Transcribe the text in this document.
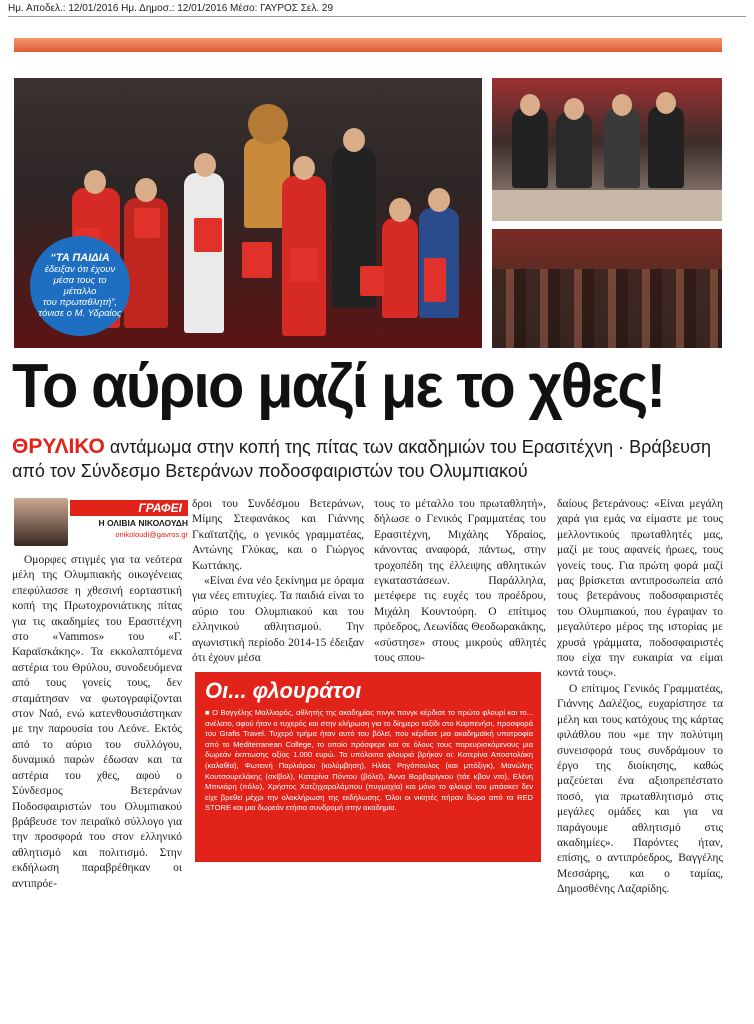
Ημ. Αποδελ.: 12/01/2016 Ημ. Δημοσ.: 12/01/2016 Μέσο: ΓΑΥΡΟΣ Σελ. 29
“ΤΑ ΠΑΙΔΙΑ
έδειξαν ότι έχουν
μέσα τους το μέταλλο
του πρωταθλητή”,
τόνισε ο Μ. Υδραίος
Το αύριο μαζί με το χθες!
ΘΡΥΛΙΚΟ αντάμωμα στην κοπή της πίτας των ακαδημιών του Ερασιτέχνη · Βράβευση από τον Σύνδεσμο Βετεράνων ποδοσφαιριστών του Ολυμπιακού
ΓΡΑΦΕΙ
Η ΟΛΙΒΙΑ ΝΙΚΟΛΟΥΔΗ
onikoloudi@gavros.gr

Ομορφες στιγμές για τα νεότερα μέλη της Ολυμπιακής οικογένειας επεφύλασσε η χθεσινή εορταστική κοπή της Πρωτοχρονιάτικης πίτας για τις ακαδημίες του Ερασιτέχνη στο «Vammos» του «Γ. Καραϊσκάκης». Τα εκκολαπτόμενα αστέρια του Θρύλου, συνοδευόμενα από τους γονείς τους, δεν σταμάτησαν να φωτογραφίζονται στον Ναό, ενώ κατενθουσιάστηκαν με την παρουσία του Λεόνε. Εκτός από το αύριο του συλλόγου, δυναμικό παρών έδωσαν και τα αστέρια του χθες, αφού ο Σύνδεσμος Βετεράνων Ποδοσφαιριστών του Ολυμπιακού βράβευσε τον πειραϊκό σύλλογο για την προσφορά του στον ελληνικό αθλητισμό και πολιτισμό. Στην εκδήλωση παραβρέθηκαν οι αντιπρόε-

δροι του Συνδέσμου Βετεράνων, Μίμης Στεφανάκος και Γιάννης Γκαϊτατζής, ο γενικός γραμματέας, Αντώνης Γλύκας, και ο Γιώργος Κωττάκης.

«Είναι ένα νέο ξεκίνημα με όραμα για νέες επιτυχίες. Τα παιδιά είναι το αύριο του Ολυμπιακού και του ελληνικού αθλητισμού. Την αγωνιστική περίοδο 2014-15 έδειξαν ότι έχουν μέσα

τους το μέταλλο του πρωταθλητή», δήλωσε ο Γενικός Γραμματέας του Ερασιτέχνη, Μιχάλης Υδραίος, κάνοντας αναφορά, πάντως, στην τροχοπέδη της έλλειψης αθλητικών εγκαταστάσεων. Παράλληλα, μετέφερε τις ευχές του προέδρου, Μιχάλη Κουντούρη. Ο επίτιμος πρόεδρος, Λεωνίδας Θεοδωρακάκης, «σύστησε» στους μικρούς αθλητές τους σπου-

δαίους βετεράνους: «Είναι μεγάλη χαρά για εμάς να είμαστε με τους μελλοντικούς πρωταθλητές μας, μαζί με τους αφανείς ήρωες, τους γονείς τους. Για πρώτη φορά μαζί μας βρίσκεται αντιπροσωπεία από τους βετεράνους ποδοσφαιριστές του Ολυμπιακού, που έγραψαν το μεγαλύτερο μέρος της ιστορίας με χρυσά γράμματα, ποδοσφαιριστές που είχα την ευκαιρία να είμαι κοντά τους».

Ο επίτιμος Γενικός Γραμματέας, Γιάννης Δαλέζιος, ευχαρίστησε τα μέλη και τους κατόχους της κάρτας φιλάθλου που «με την πολύτιμη συνεισφορά τους συνδράμουν το έργο της διοίκησης, καθώς μαζεύεται ένα αξιοπρεπέστατο ποσό, για πρωταθλητισμό στις μεγάλες ομάδες και για να παράγουμε αθλητισμό στις ακαδημίες». Παρόντες ήταν, επίσης, ο αντιπρόεδρος, Βαγγέλης Μεσσάρης, και ο ταμίας, Δημοσθένης Λαζαρίδης.

Οι... φλουράτοι
■ Ο Βαγγέλης Μαλλιαρός, αθλητής της ακαδημίας πινγκ πονγκ κέρδισε το πρώτο φλουρί και το... ανέλατο, αφού ήταν ο τυχερός και στην κλήρωση για το δίημερο ταξίδι στο Καρπενήσι, προσφορά του Grafis Travel. Τυχερό τμήμα ήταν αυτό του βόλεϊ, που κέρδισε μια ακαδημαϊκή υποτροφία από το Mediterranean College, το οποίο πρόσφερε και σε όλους τους παρευρισκόμενους μια δωρεάν έκπτωσης αξίας 1.000 ευρώ. Τα υπόλοιπα φλουριά βρήκαν οι: Κατερίνα Αποστολάκη (καλαθία), Φωτεινή Παρλιάρου (κολύμβηση), Ηλίας Ρηγόπουλος (και μπόξιγκ), Μανώλης Κουτσουρελάκης (σκίβολ), Κατερίνα Πόντου (βόλεϊ), Άννα Βορβαρίγκου (τάε κβον ντο), Ελένη Μπινιάρη (πόλο), Χρήστος Χατζηχαραλάμπου (πυγμαχία) και μόνο το φλουρί του μπάσκετ δεν είχε βρεθεί μέχρι την ολοκλήρωση της εκδήλωσης. Όλοι οι νικητές πήραν δώρα από τα RED STORE και μια δωρεάν ετήσια συνδρομή στην ακαδημία.
